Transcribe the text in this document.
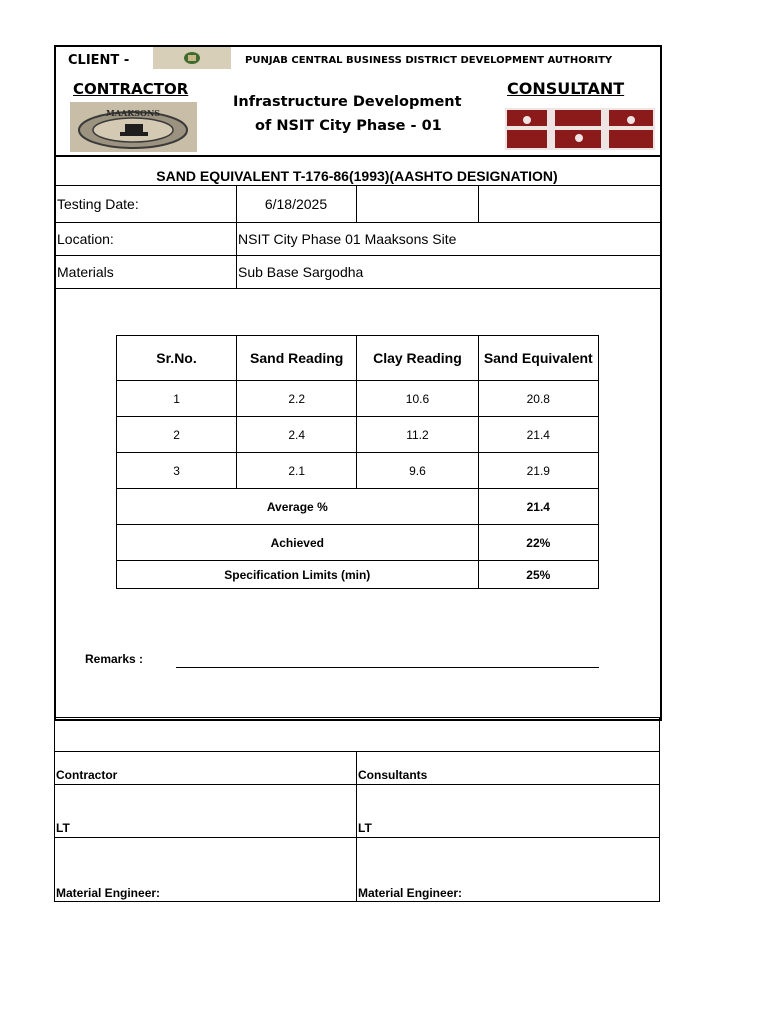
CLIENT -	PUNJAB CENTRAL BUSINESS DISTRICT DEVELOPMENT AUTHORITY
CONTRACTOR
MAAKSONS
Infrastructure Development
of NSIT City Phase - 01
CONSULTANT
SAND EQUIVALENT T-176-86(1993)(AASHTO DESIGNATION)
Testing Date:	6/18/2025
Location:	NSIT City Phase 01 Maaksons Site
Materials	Sub Base Sargodha
Sr.No.	Sand Reading	Clay Reading	Sand Equivalent
1	2.2	10.6	20.8
2	2.4	11.2	21.4
3	2.1	9.6	21.9
Average %			21.4
Achieved			22%
Specification Limits (min)			25%
Remarks :
Contractor	Consultants
LT	LT
Material Engineer:	Material Engineer:
